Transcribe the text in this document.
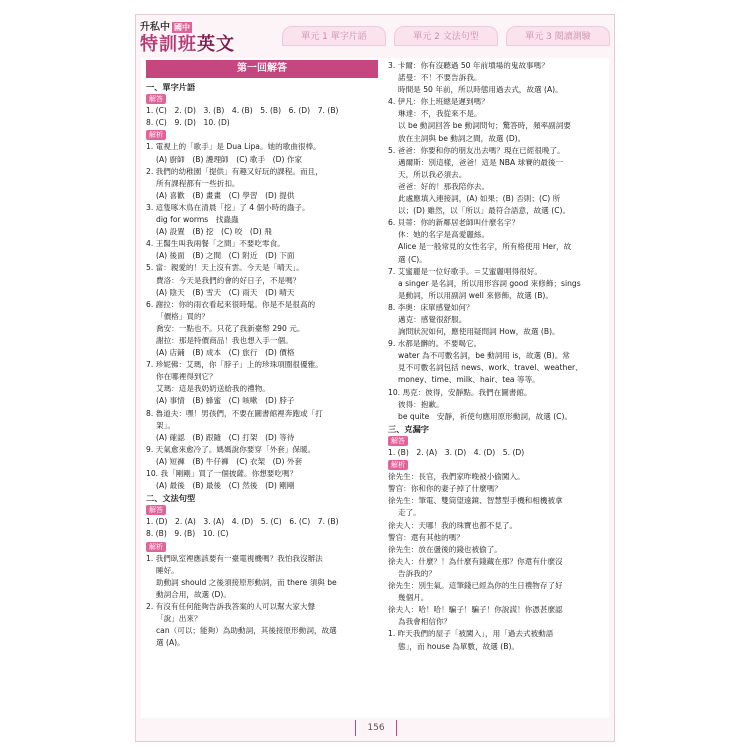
升私中 國中
特訓班英文	單元 1 單字片語	單元 2 文法句型	單元 3 閱讀測驗
第一回解答

一、單字片語

解答

1. (C)　2. (D)　3. (B)　4. (B)　5. (B)　6. (D)　7. (B)

8. (C)　9. (D)　10. (D)

解析

1. 電視上的「歌手」是 Dua Lipa。她的歌曲很棒。

(A) 廚師　(B) 護理師　(C) 歌手　(D) 作家

2. 我們的幼稚園「提供」有趣又好玩的課程。而且，

所有課程都有一些折扣。

(A) 喜歡　(B) 畫畫　(C) 學習　(D) 提供

3. 這隻啄木鳥在清晨「挖」了 4 個小時的蟲子。

dig for worms　找蟲蟲

(A) 設置　(B) 挖　(C) 咬　(D) 飛

4. 王醫生叫我兩餐「之間」不要吃零食。

(A) 後面　(B) 之間　(C) 附近　(D) 下面

5. 當：親愛的！天上沒有雲。今天是「晴天」。

費洛：今天是我們約會的好日子，不是嗎？

(A) 陰天　(B) 雪天　(C) 雨天　(D) 晴天

6. 謝拉：你的雨衣看起來很時髦。你是不是很高的

「價格」買的？

喬安：一點也不。只花了我新臺幣 290 元。

謝拉：那是特價商品！我也想入手一個。

(A) 店鋪　(B) 成本　(C) 旅行　(D) 價格

7. 珍妮佛：艾瑪，你「脖子」上的珍珠項圈很優雅。

你在哪裡得到它？

艾瑪：這是我奶奶送給我的禮物。

(A) 事情　(B) 蜂蜜　(C) 咳嗽　(D) 脖子

8. 魯道夫：嘿！男孩們，不要在圖書館裡奔跑或「打

架」。

(A) 確認　(B) 跟隨　(C) 打架　(D) 等待

9. 天氣愈來愈冷了。媽媽說你要穿「外套」保暖。

(A) 短褲　(B) 牛仔褲　(C) 衣架　(D) 外套

10. 我「剛剛」買了一個披薩。你想要吃嗎？

(A) 最後　(B) 最後　(C) 然後　(D) 剛剛

二、文法句型

解答

1. (D)　2. (A)　3. (A)　4. (D)　5. (C)　6. (C)　7. (B)

8. (B)　9. (B)　10. (C)

解析

1. 我們臥室裡應該要有一臺電視機嗎？我怕我沒辦法

睡好。

助動詞 should 之後須接原形動詞，而 there 須與 be

動詞合用，故選 (D)。

2. 有沒有任何能夠告訴我答案的人可以幫大家大聲

「說」出來？

can（可以；能夠）為助動詞，其後接原形動詞，故選

選 (A)。

3. 卡爾：你有沒聽過 50 年前墳場的鬼故事嗎？

諾曼：不！不要告訴我。

時間是 50 年前，所以時態用過去式，故選 (A)。

4. 伊凡：你上班總是遲到嗎？

琳達：不，我從來不是。

以 be 動詞回答 be 動詞問句；驚答時，頻率副詞要

放在主詞與 be 動詞之間，故選 (D)。

5. 爸爸：你要和你的朋友出去嗎？現在已經很晚了。

邁爾斯：別這樣，爸爸！這是 NBA 球賽的最後一

天，所以我必須去。

爸爸：好的！那我陪你去。

此處應填入連接詞，(A) 如果；(B) 否則；(C) 所

以；(D) 雖然，以「所以」最符合語意，故選 (C)。

6. 貝蒂：你的新鄰居老師叫什麼名字？

休：她的名字是高愛麗絲。

Alice 是一般常見的女性名字，所有格使用 Her，故

選 (C)。

7. 艾蜜麗是一位好歌手。＝艾蜜麗唱得很好。

a singer 是名詞，所以用形容詞 good 來修飾；sings

是動詞，所以用副詞 well 來修飾，故選 (B)。

8. 李奧：床單感覺如何？

邁克：感覺很舒服。

詢問狀況如何，應使用疑問詞 How，故選 (B)。

9. 水都是髒的。不要喝它。

water 為不可數名詞，be 動詞用 is，故選 (B)。常

見不可數名詞包括 news、work、travel、weather、

money、time、milk、hair、tea 等等。

10. 馬克：彼得，安靜點。我們在圖書館。

彼得：抱歉。

be quite　安靜，祈使句應用原形動詞，故選 (C)。

三、克漏字

解答

1. (B)　2. (A)　3. (D)　4. (D)　5. (D)

解析

徐先生：長官，我們家昨晚被小偷闖入。

警官：你和你的妻子掉了什麼嗎？

徐先生：筆電、雙筒望遠鏡、智慧型手機和相機被拿

走了。

徐夫人：天哪！我的珠寶也都不見了。

警官：還有其他的嗎？

徐先生：放在盪後的錢也被偷了。

徐夫人：什麼？！為什麼有錢藏在那？你還有什麼沒

告訴我的？

徐先生：別生氣。這筆錢已經為你的生日禮物存了好

幾個月。

徐夫人：哈！哈！騙子！騙子！你說謊！你憑甚麼認

為我會相信你？

1. 昨天我們的屋子「被闖入」，用「過去式被動語

態」，而 house 為單數，故選 (B)。

156
